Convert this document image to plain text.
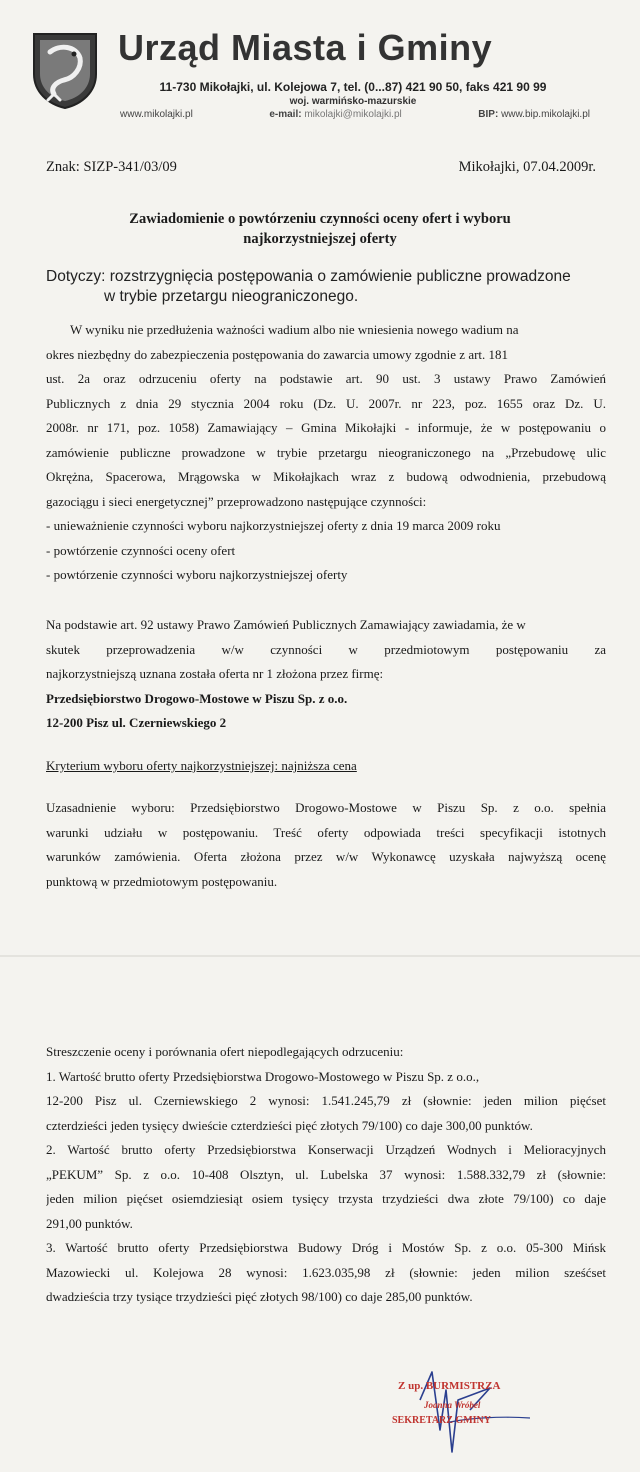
Urząd Miasta i Gminy
11-730 Mikołajki, ul. Kolejowa 7, tel. (0...87) 421 90 50, faks 421 90 99
woj. warmińsko-mazurskie
www.mikolajki.pl	e-mail: mikolajki@mikolajki.pl	BIP: www.bip.mikolajki.pl
Znak: SIZP-341/03/09	Mikołajki, 07.04.2009r.
Zawiadomienie o powtórzeniu czynności oceny ofert i wyboru
najkorzystniejszej oferty
Dotyczy: rozstrzygnięcia postępowania o zamówienie publiczne prowadzone
w trybie przetargu nieograniczonego.
W wyniku nie przedłużenia ważności wadium albo nie wniesienia nowego wadium na
okres niezbędny do zabezpieczenia postępowania do zawarcia umowy zgodnie z art. 181
ust. 2a oraz odrzuceniu oferty na podstawie art. 90 ust. 3 ustawy Prawo Zamówień
Publicznych z dnia 29 stycznia 2004 roku (Dz. U. 2007r. nr 223, poz. 1655 oraz Dz. U.
2008r. nr 171, poz. 1058) Zamawiający – Gmina Mikołajki - informuje, że w postępowaniu o
zamówienie publiczne prowadzone w trybie przetargu nieograniczonego na „Przebudowę ulic
Okrężna, Spacerowa, Mrągowska w Mikołajkach wraz z budową odwodnienia, przebudową
gazociągu i sieci energetycznej” przeprowadzono następujące czynności:
- unieważnienie czynności wyboru najkorzystniejszej oferty z dnia 19 marca 2009 roku
- powtórzenie czynności oceny ofert
- powtórzenie czynności wyboru najkorzystniejszej oferty
Na podstawie art. 92 ustawy Prawo Zamówień Publicznych Zamawiający zawiadamia, że w
skutek przeprowadzenia w/w czynności w przedmiotowym postępowaniu za
najkorzystniejszą uznana została oferta nr 1 złożona przez firmę:
Przedsiębiorstwo Drogowo-Mostowe w Piszu Sp. z o.o.
12-200 Pisz ul. Czerniewskiego 2
Kryterium wyboru oferty najkorzystniejszej: najniższa cena
Uzasadnienie wyboru: Przedsiębiorstwo Drogowo-Mostowe w Piszu Sp. z o.o. spełnia
warunki udziału w postępowaniu. Treść oferty odpowiada treści specyfikacji istotnych
warunków zamówienia. Oferta złożona przez w/w Wykonawcę uzyskała najwyższą ocenę
punktową w przedmiotowym postępowaniu.
Streszczenie oceny i porównania ofert niepodlegających odrzuceniu:
1. Wartość brutto oferty Przedsiębiorstwa Drogowo-Mostowego w Piszu Sp. z o.o.,
12-200 Pisz ul. Czerniewskiego 2 wynosi: 1.541.245,79 zł (słownie: jeden milion pięćset
czterdzieści jeden tysięcy dwieście czterdzieści pięć złotych 79/100) co daje 300,00 punktów.
2. Wartość brutto oferty Przedsiębiorstwa Konserwacji Urządzeń Wodnych i Melioracyjnych
„PEKUM” Sp. z o.o. 10-408 Olsztyn, ul. Lubelska 37 wynosi: 1.588.332,79 zł (słownie:
jeden milion pięćset osiemdziesiąt osiem tysięcy trzysta trzydzieści dwa złote 79/100) co daje
291,00 punktów.
3. Wartość brutto oferty Przedsiębiorstwa Budowy Dróg i Mostów Sp. z o.o. 05-300 Mińsk
Mazowiecki ul. Kolejowa 28 wynosi: 1.623.035,98 zł (słownie: jeden milion sześćset
dwadzieścia trzy tysiące trzydzieści pięć złotych 98/100) co daje 285,00 punktów.
Z up. BURMISTRZA
Joanna Wróbel
SEKRETARZ GMINY
